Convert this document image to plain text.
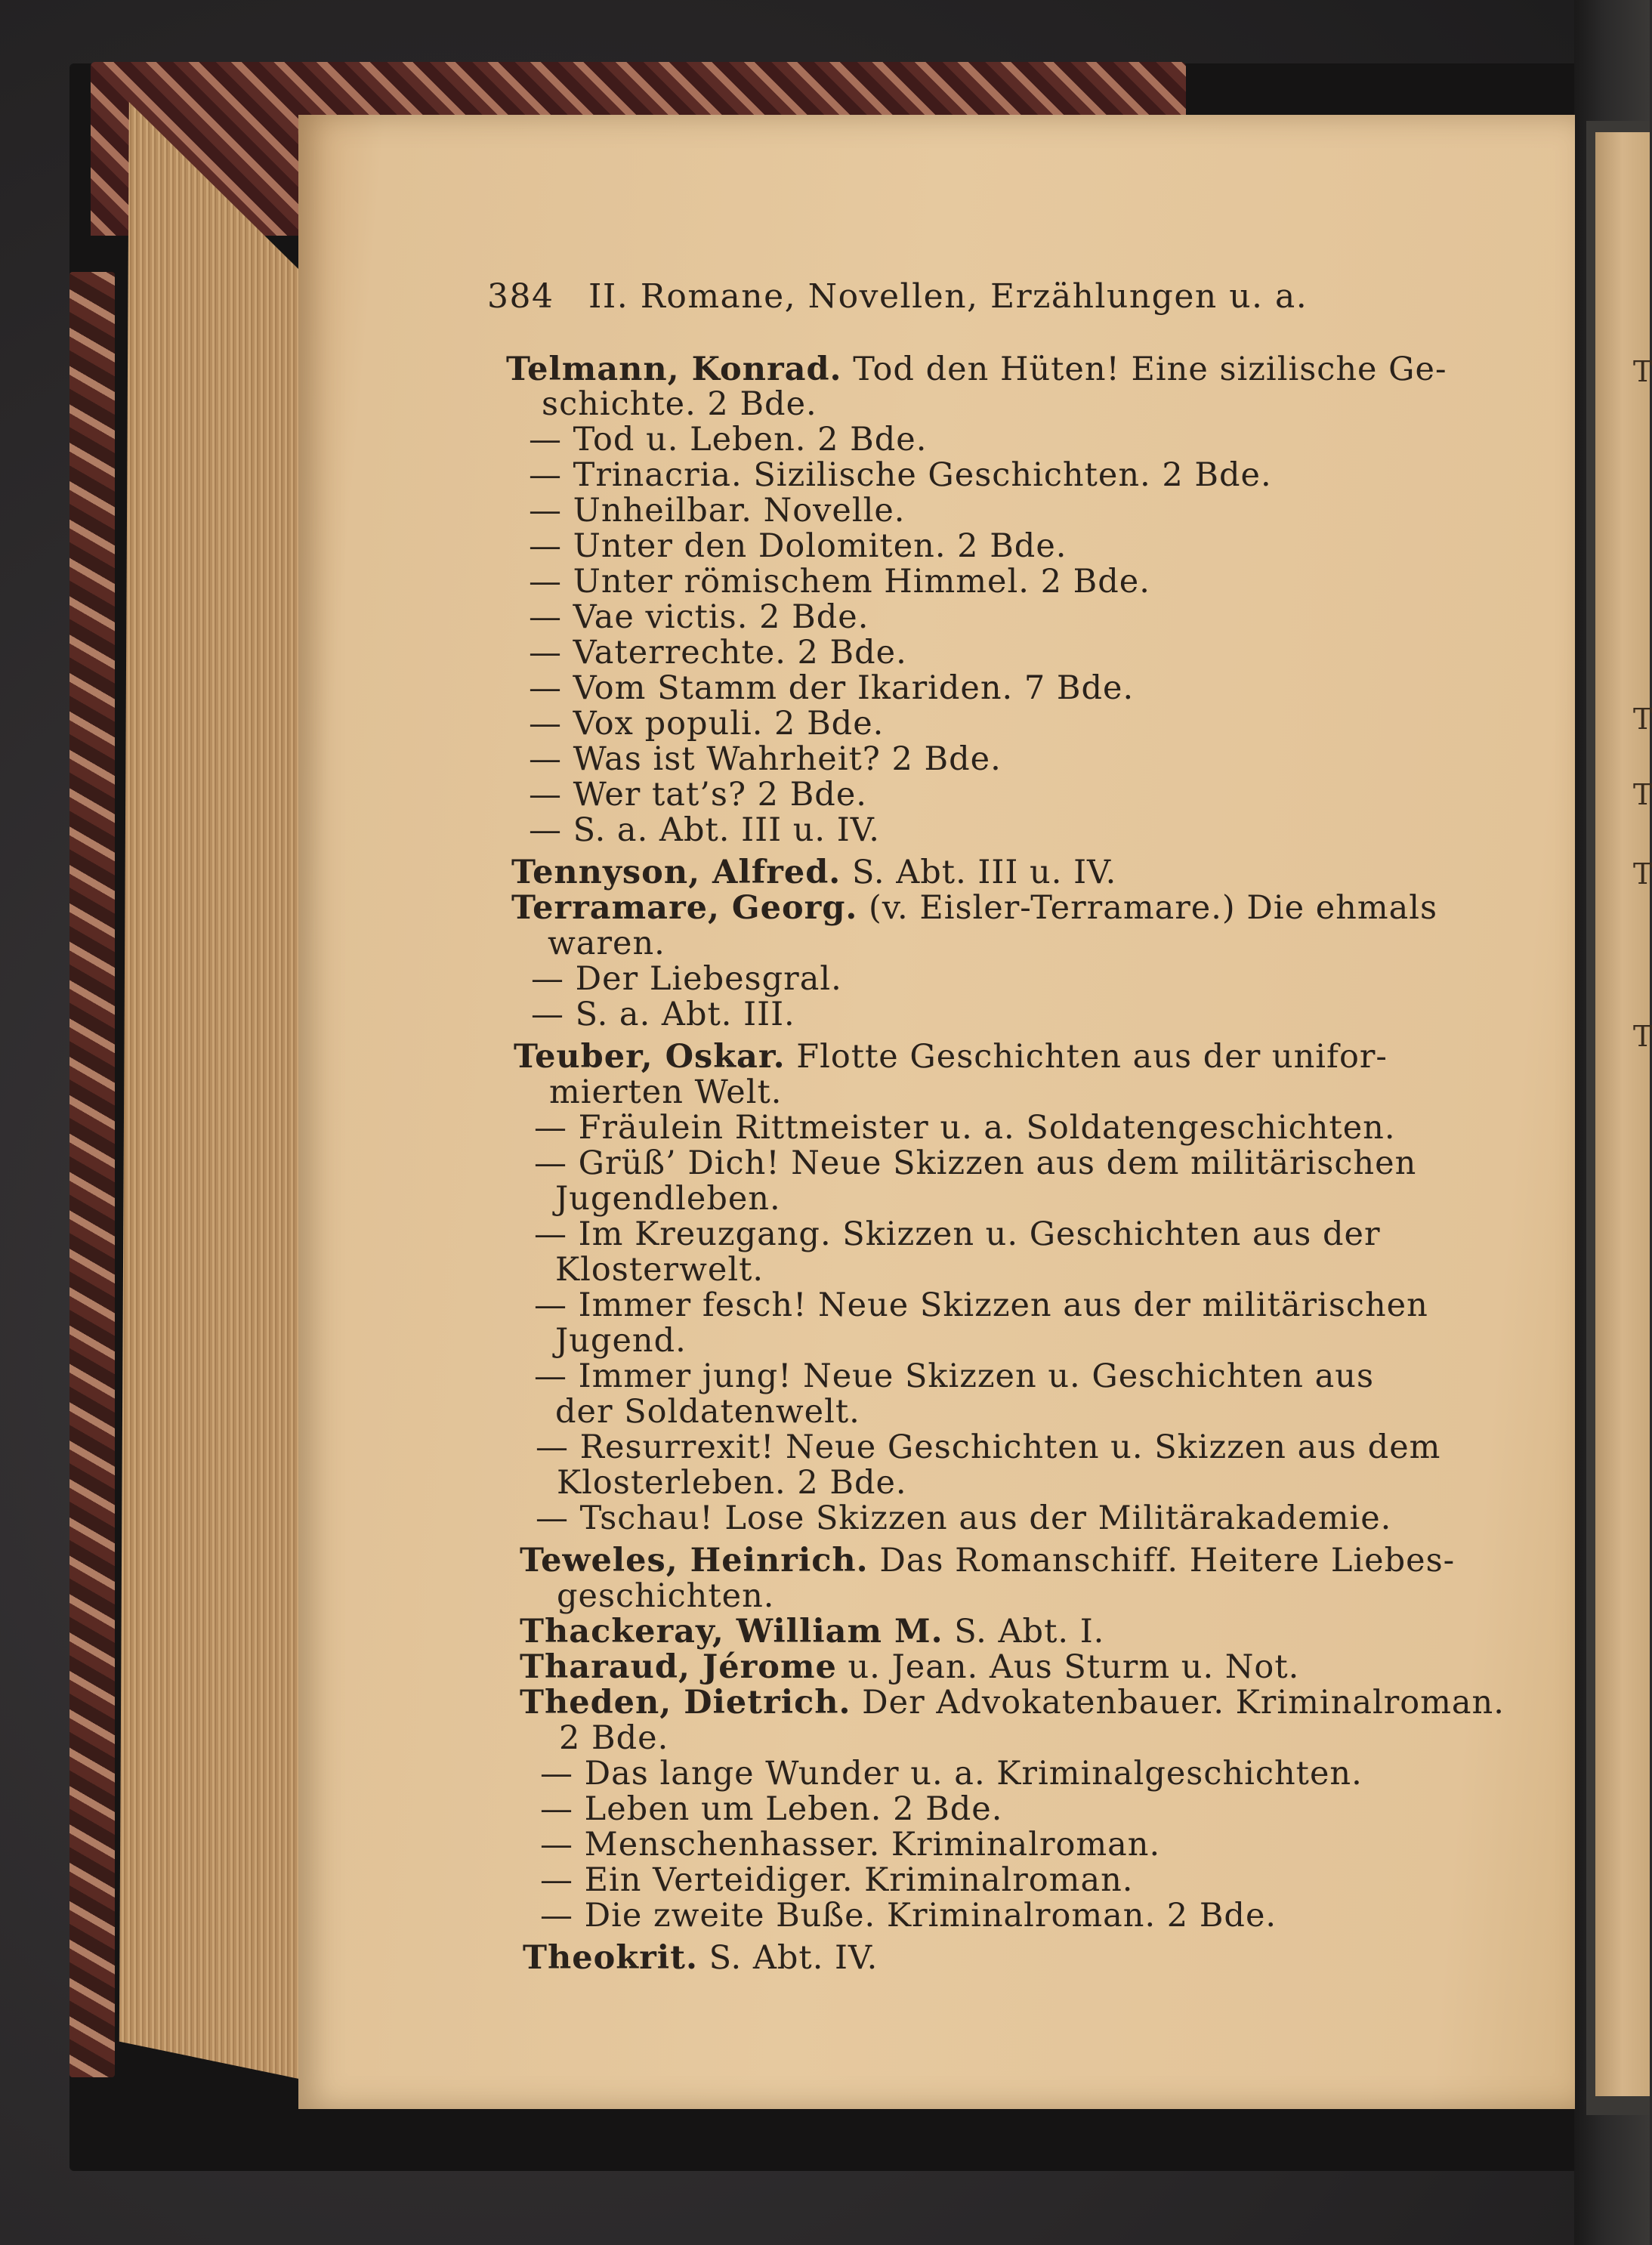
T
T
T
T
T
384 II. Romane, Novellen, Erzählungen u. a.
Telmann, Konrad. Tod den Hüten! Eine sizilische Ge-
schichte. 2 Bde.
— Tod u. Leben. 2 Bde.
— Trinacria. Sizilische Geschichten. 2 Bde.
— Unheilbar. Novelle.
— Unter den Dolomiten. 2 Bde.
— Unter römischem Himmel. 2 Bde.
— Vae victis. 2 Bde.
— Vaterrechte. 2 Bde.
— Vom Stamm der Ikariden. 7 Bde.
— Vox populi. 2 Bde.
— Was ist Wahrheit? 2 Bde.
— Wer tat’s? 2 Bde.
— S. a. Abt. III u. IV.
Tennyson, Alfred. S. Abt. III u. IV.
Terramare, Georg. (v. Eisler-Terramare.) Die ehmals
waren.
— Der Liebesgral.
— S. a. Abt. III.
Teuber, Oskar. Flotte Geschichten aus der unifor-
mierten Welt.
— Fräulein Rittmeister u. a. Soldatengeschichten.
— Grüß’ Dich! Neue Skizzen aus dem militärischen
Jugendleben.
— Im Kreuzgang. Skizzen u. Geschichten aus der
Klosterwelt.
— Immer fesch! Neue Skizzen aus der militärischen
Jugend.
— Immer jung! Neue Skizzen u. Geschichten aus
der Soldatenwelt.
— Resurrexit! Neue Geschichten u. Skizzen aus dem
Klosterleben. 2 Bde.
— Tschau! Lose Skizzen aus der Militärakademie.
Teweles, Heinrich. Das Romanschiff. Heitere Liebes-
geschichten.
Thackeray, William M. S. Abt. I.
Tharaud, Jérome u. Jean. Aus Sturm u. Not.
Theden, Dietrich. Der Advokatenbauer. Kriminalroman.
2 Bde.
— Das lange Wunder u. a. Kriminalgeschichten.
— Leben um Leben. 2 Bde.
— Menschenhasser. Kriminalroman.
— Ein Verteidiger. Kriminalroman.
— Die zweite Buße. Kriminalroman. 2 Bde.
Theokrit. S. Abt. IV.
